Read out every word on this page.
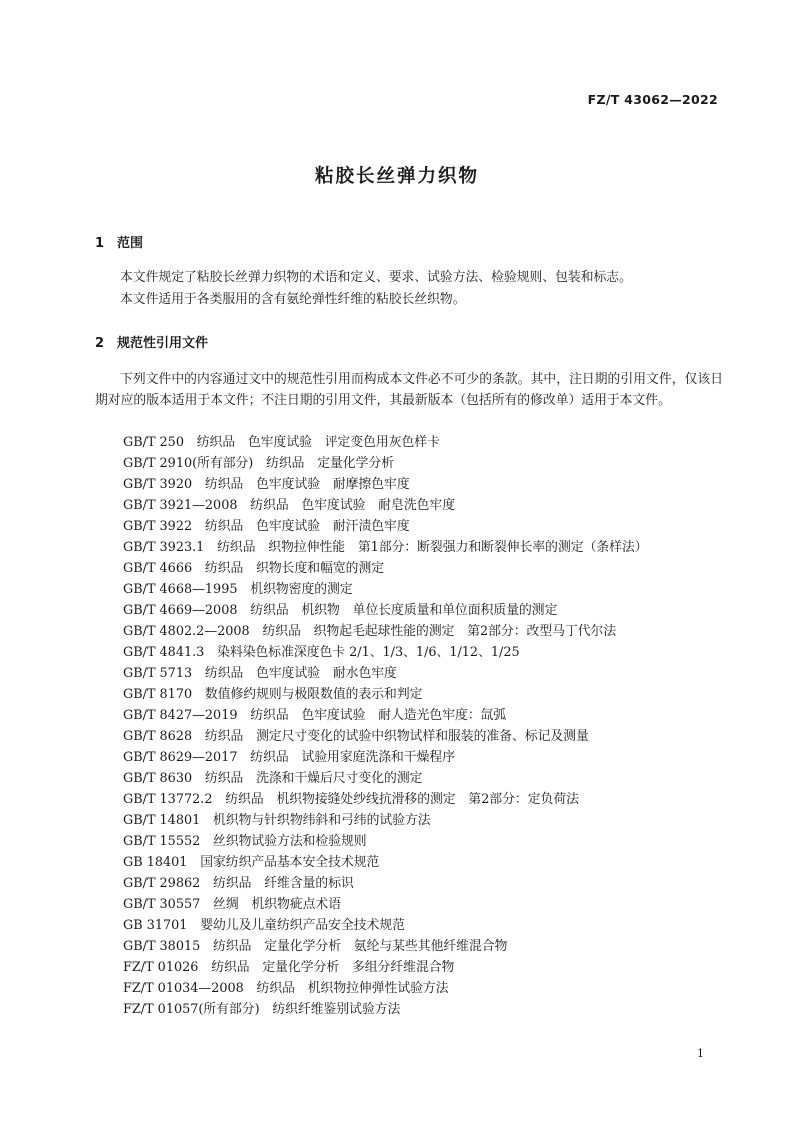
FZ/T 43062—2022
粘胶长丝弹力织物
1 范围
本文件规定了粘胶长丝弹力织物的术语和定义、要求、试验方法、检验规则、包装和标志。
本文件适用于各类服用的含有氨纶弹性纤维的粘胶长丝织物。
2 规范性引用文件
下列文件中的内容通过文中的规范性引用而构成本文件必不可少的条款。其中，注日期的引用文件，仅该日期对应的版本适用于本文件；不注日期的引用文件，其最新版本（包括所有的修改单）适用于本文件。
GB/T 250　纺织品　色牢度试验　评定变色用灰色样卡
GB/T 2910(所有部分)　纺织品　定量化学分析
GB/T 3920　纺织品　色牢度试验　耐摩擦色牢度
GB/T 3921—2008　纺织品　色牢度试验　耐皂洗色牢度
GB/T 3922　纺织品　色牢度试验　耐汗渍色牢度
GB/T 3923.1　纺织品　织物拉伸性能　第1部分：断裂强力和断裂伸长率的测定（条样法）
GB/T 4666　纺织品　织物长度和幅宽的测定
GB/T 4668—1995　机织物密度的测定
GB/T 4669—2008　纺织品　机织物　单位长度质量和单位面积质量的测定
GB/T 4802.2—2008　纺织品　织物起毛起球性能的测定　第2部分：改型马丁代尔法
GB/T 4841.3　染料染色标准深度色卡 2/1、1/3、1/6、1/12、1/25
GB/T 5713　纺织品　色牢度试验　耐水色牢度
GB/T 8170　数值修约规则与极限数值的表示和判定
GB/T 8427—2019　纺织品　色牢度试验　耐人造光色牢度：氙弧
GB/T 8628　纺织品　测定尺寸变化的试验中织物试样和服装的准备、标记及测量
GB/T 8629—2017　纺织品　试验用家庭洗涤和干燥程序
GB/T 8630　纺织品　洗涤和干燥后尺寸变化的测定
GB/T 13772.2　纺织品　机织物接缝处纱线抗滑移的测定　第2部分：定负荷法
GB/T 14801　机织物与针织物纬斜和弓纬的试验方法
GB/T 15552　丝织物试验方法和检验规则
GB 18401　国家纺织产品基本安全技术规范
GB/T 29862　纺织品　纤维含量的标识
GB/T 30557　丝绸　机织物疵点术语
GB 31701　婴幼儿及儿童纺织产品安全技术规范
GB/T 38015　纺织品　定量化学分析　氨纶与某些其他纤维混合物
FZ/T 01026　纺织品　定量化学分析　多组分纤维混合物
FZ/T 01034—2008　纺织品　机织物拉伸弹性试验方法
FZ/T 01057(所有部分)　纺织纤维鉴别试验方法
1
